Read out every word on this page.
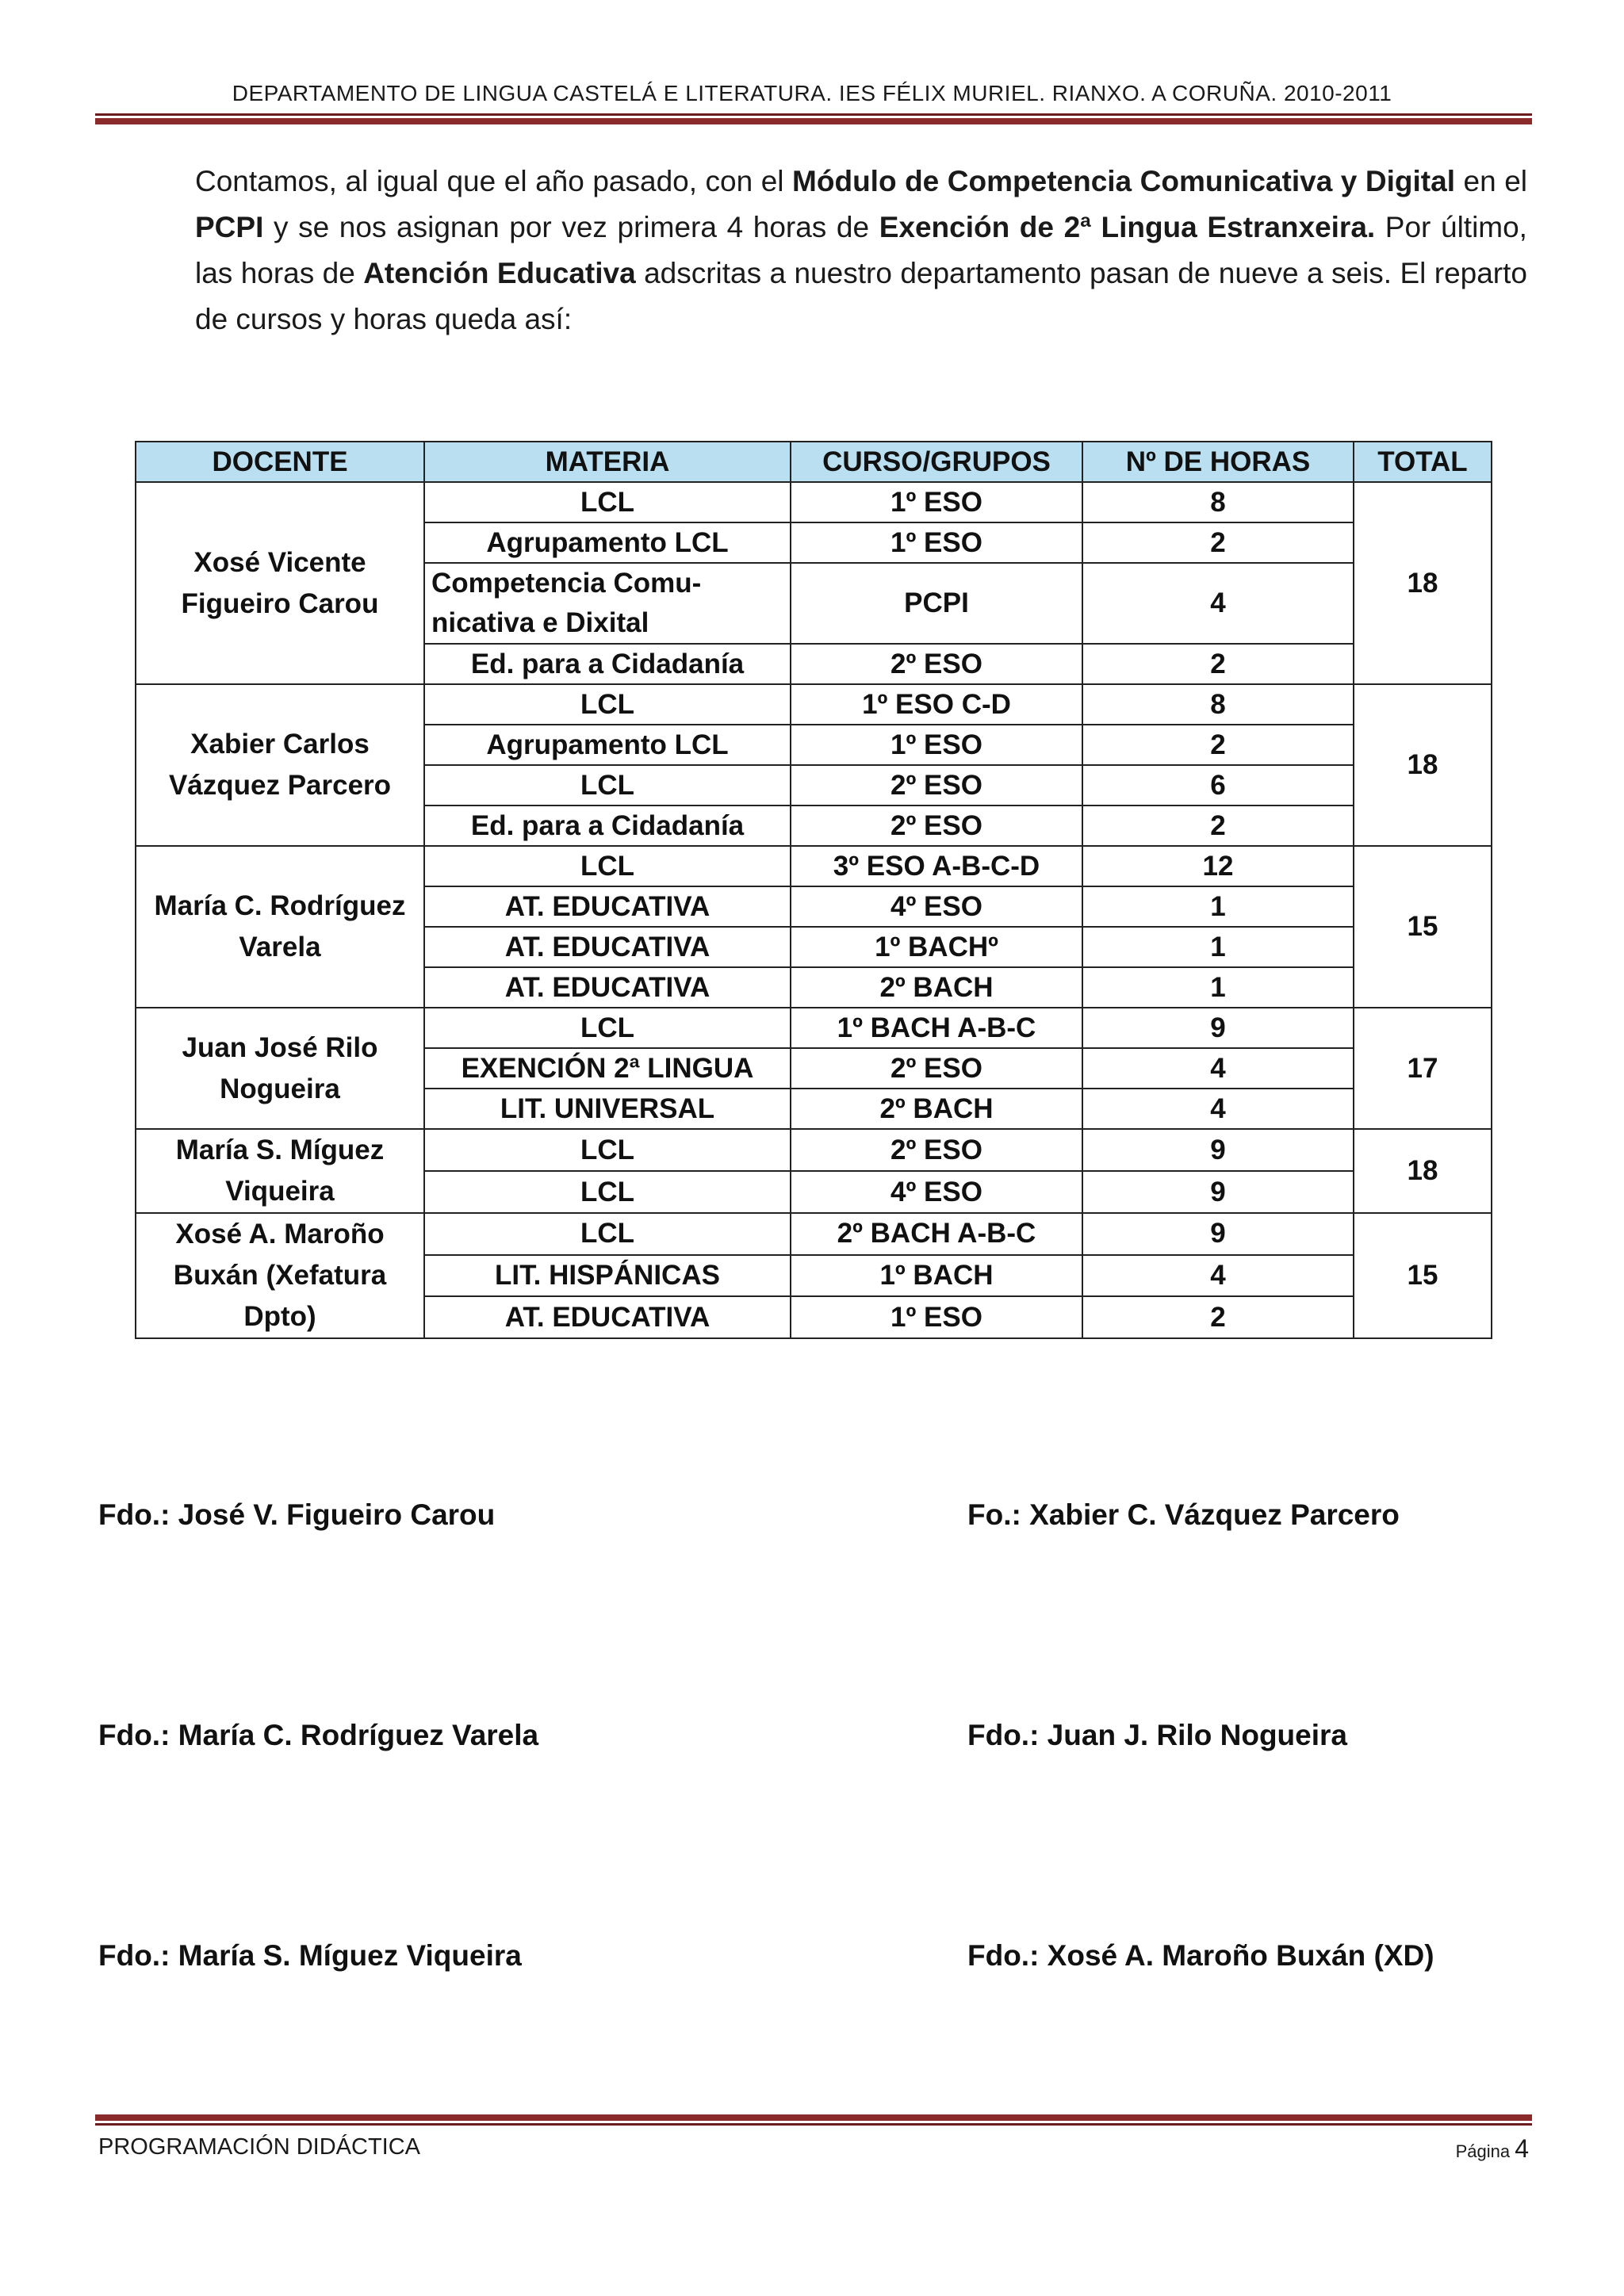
DEPARTAMENTO DE LINGUA CASTELÁ E LITERATURA. IES FÉLIX MURIEL. RIANXO. A CORUÑA. 2010-2011
Contamos, al igual que el año pasado, con el Módulo de Competencia Comunicativa y Digital en el PCPI y se nos asignan por vez primera 4 horas de Exención de 2ª Lingua Estranxeira. Por último, las horas de Atención Educativa adscritas a nuestro departamento pasan de nueve a seis. El reparto de cursos y horas queda así:
DOCENTE	MATERIA	CURSO/GRUPOS	Nº DE HORAS	TOTAL
Xosé Vicente Figueiro Carou	LCL	1º ESO	8	18
	Agrupamento LCL	1º ESO	2	
	Competencia Comu-nicativa e Dixital	PCPI	4	
	Ed. para a Cidadanía	2º ESO	2	
Xabier Carlos Vázquez Parcero	LCL	1º ESO C-D	8	18
	Agrupamento LCL	1º ESO	2	
	LCL	2º ESO	6	
	Ed. para a Cidadanía	2º ESO	2	
María C. Rodríguez Varela	LCL	3º ESO A-B-C-D	12	15
	AT. EDUCATIVA	4º ESO	1	
	AT. EDUCATIVA	1º BACHº	1	
	AT. EDUCATIVA	2º BACH	1	
Juan José Rilo Nogueira	LCL	1º BACH A-B-C	9	17
	EXENCIÓN 2ª LINGUA	2º ESO	4	
	LIT. UNIVERSAL	2º BACH	4	
María S. Míguez Viqueira	LCL	2º ESO	9	18
	LCL	4º ESO	9	
Xosé A. Maroño Buxán (Xefatura Dpto)	LCL	2º BACH A-B-C	9	15
	LIT. HISPÁNICAS	1º BACH	4	
	AT. EDUCATIVA	1º ESO	2	
Fdo.: José V. Figueiro Carou	Fo.: Xabier C. Vázquez Parcero
Fdo.: María C. Rodríguez Varela	Fdo.: Juan J. Rilo Nogueira
Fdo.: María S. Míguez Viqueira	Fdo.: Xosé A. Maroño Buxán (XD)
PROGRAMACIÓN DIDÁCTICA	Página 4
